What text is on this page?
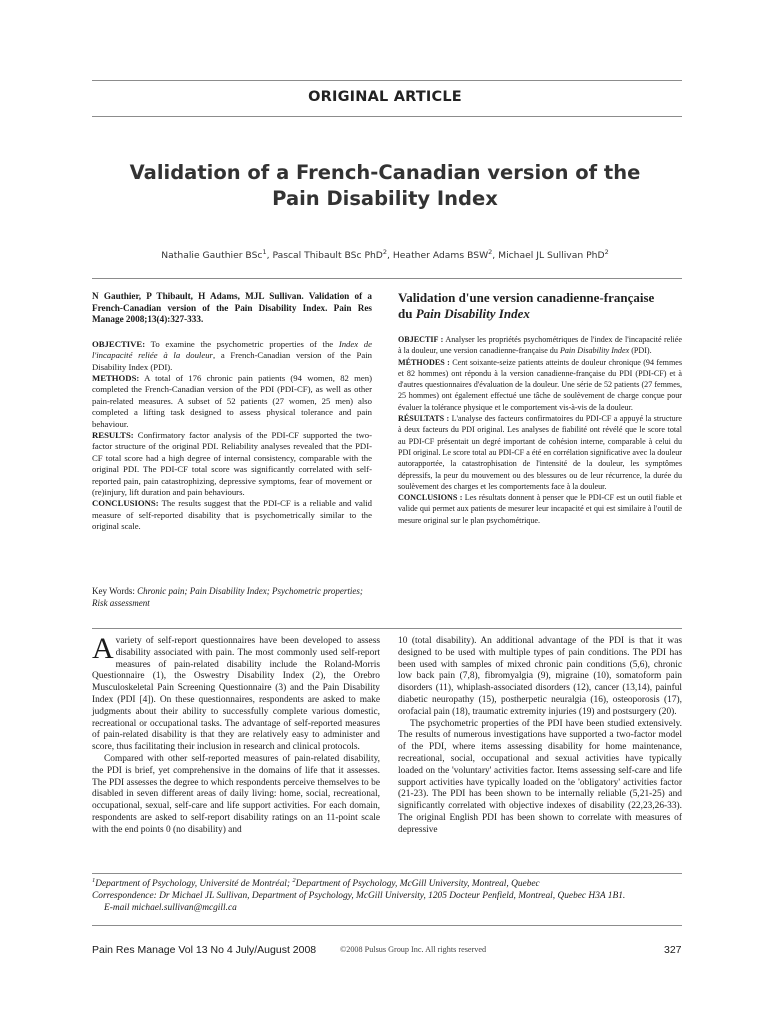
ORIGINAL ARTICLE
Validation of a French-Canadian version of the Pain Disability Index
Nathalie Gauthier BSc$^1$, Pascal Thibault BSc PhD$^2$, Heather Adams BSW$^2$, Michael JL Sullivan PhD$^2$

N Gauthier, P Thibault, H Adams, MJL Sullivan. Validation of a French-Canadian version of the Pain Disability Index. Pain Res Manage 2008;13(4):327-333.

OBJECTIVE: To examine the psychometric properties of the Index de l'incapacité reliée à la douleur, a French-Canadian version of the Pain Disability Index (PDI).

METHODS: A total of 176 chronic pain patients (94 women, 82 men) completed the French-Canadian version of the PDI (PDI-CF), as well as other pain-related measures. A subset of 52 patients (27 women, 25 men) also completed a lifting task designed to assess physical tolerance and pain behaviour.

RESULTS: Confirmatory factor analysis of the PDI-CF supported the two-factor structure of the original PDI. Reliability analyses revealed that the PDI-CF total score had a high degree of internal consistency, comparable with the original PDI. The PDI-CF total score was significantly correlated with self-reported pain, pain catastrophizing, depressive symptoms, fear of movement or (re)injury, lift duration and pain behaviours.

CONCLUSIONS: The results suggest that the PDI-CF is a reliable and valid measure of self-reported disability that is psychometrically similar to the original scale.

Validation d'une version canadienne-française
du Pain Disability Index

OBJECTIF : Analyser les propriétés psychométriques de l'index de l'incapacité reliée à la douleur, une version canadienne-française du Pain Disability Index (PDI).

MÉTHODES : Cent soixante-seize patients atteints de douleur chronique (94 femmes et 82 hommes) ont répondu à la version canadienne-française du PDI (PDI-CF) et à d'autres questionnaires d'évaluation de la douleur. Une série de 52 patients (27 femmes, 25 hommes) ont également effectué une tâche de soulèvement de charge conçue pour évaluer la tolérance physique et le comportement vis-à-vis de la douleur.

RÉSULTATS : L'analyse des facteurs confirmatoires du PDI-CF a appuyé la structure à deux facteurs du PDI original. Les analyses de fiabilité ont révélé que le score total au PDI-CF présentait un degré important de cohésion interne, comparable à celui du PDI original. Le score total au PDI-CF a été en corrélation significative avec la douleur autorapportée, la catastrophisation de l'intensité de la douleur, les symptômes dépressifs, la peur du mouvement ou des blessures ou de leur récurrence, la durée du soulèvement des charges et les comportements face à la douleur.

CONCLUSIONS : Les résultats donnent à penser que le PDI-CF est un outil fiable et valide qui permet aux patients de mesurer leur incapacité et qui est similaire à l'outil de mesure original sur le plan psychométrique.

Key Words: Chronic pain; Pain Disability Index; Psychometric properties; Risk assessment

A variety of self-report questionnaires have been developed to assess disability associated with pain. The most commonly used self-report measures of pain-related disability include the Roland-Morris Questionnaire (1), the Oswestry Disability Index (2), the Orebro Musculoskeletal Pain Screening Questionnaire (3) and the Pain Disability Index (PDI [4]). On these questionnaires, respondents are asked to make judgments about their ability to successfully complete various domestic, recreational or occupational tasks. The advantage of self-reported measures of pain-related disability is that they are relatively easy to administer and score, thus facilitating their inclusion in research and clinical protocols.

Compared with other self-reported measures of pain-related disability, the PDI is brief, yet comprehensive in the domains of life that it assesses. The PDI assesses the degree to which respondents perceive themselves to be disabled in seven different areas of daily living: home, social, recreational, occupational, sexual, self-care and life support activities. For each domain, respondents are asked to self-report disability ratings on an 11-point scale with the end points 0 (no disability) and

10 (total disability). An additional advantage of the PDI is that it was designed to be used with multiple types of pain conditions. The PDI has been used with samples of mixed chronic pain conditions (5,6), chronic low back pain (7,8), fibromyalgia (9), migraine (10), somatoform pain disorders (11), whiplash-associated disorders (12), cancer (13,14), painful diabetic neuropathy (15), postherpetic neuralgia (16), osteoporosis (17), orofacial pain (18), traumatic extremity injuries (19) and postsurgery (20).

The psychometric properties of the PDI have been studied extensively. The results of numerous investigations have supported a two-factor model of the PDI, where items assessing disability for home maintenance, recreational, social, occupational and sexual activities have typically loaded on the 'voluntary' activities factor. Items assessing self-care and life support activities have typically loaded on the 'obligatory' activities factor (21-23). The PDI has been shown to be internally reliable (5,21-25) and significantly correlated with objective indexes of disability (22,23,26-33). The original English PDI has been shown to correlate with measures of depressive

$^1$Department of Psychology, Université de Montréal; $^2$Department of Psychology, McGill University, Montreal, Quebec
Correspondence: Dr Michael JL Sullivan, Department of Psychology, McGill University, 1205 Docteur Penfield, Montreal, Quebec H3A 1B1.
E-mail michael.sullivan@mcgill.ca
Pain Res Manage Vol 13 No 4 July/August 2008	©2008 Pulsus Group Inc. All rights reserved	327
